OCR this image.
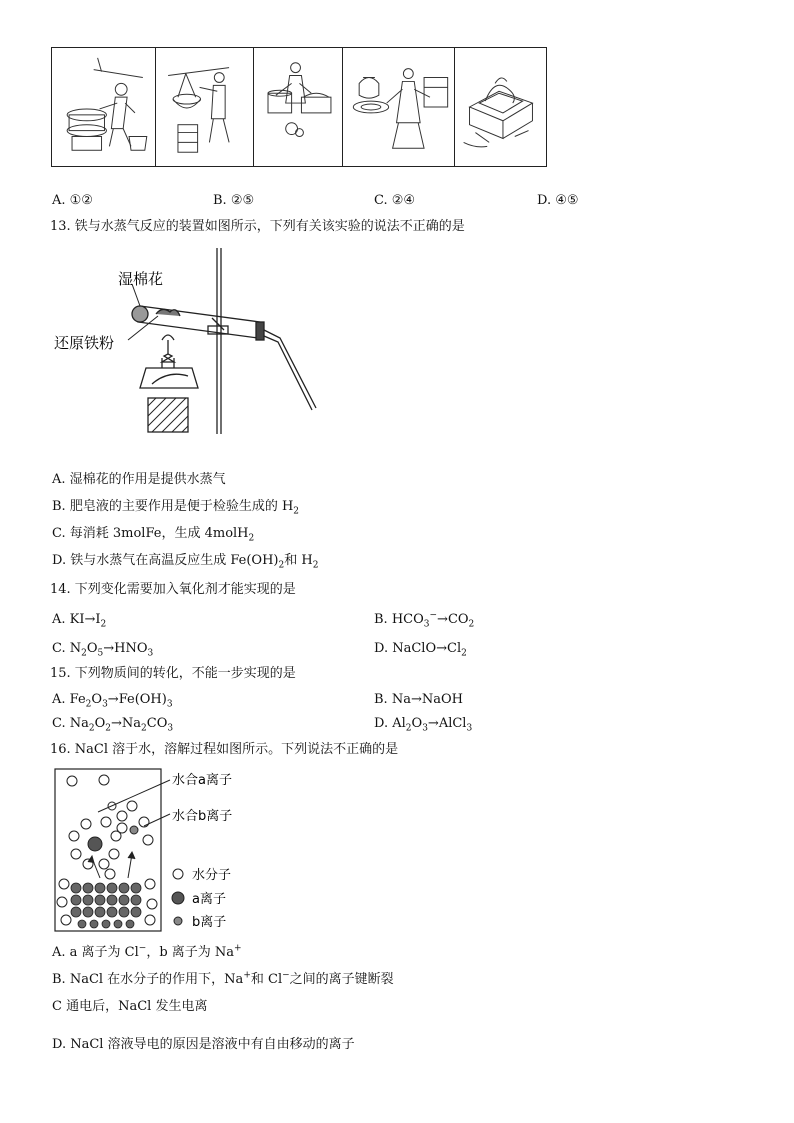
A. ①②	B. ②⑤	C. ②④	D. ④⑤
13. 铁与水蒸气反应的装置如图所示，下列有关该实验的说法不正确的是
湿棉花
还原铁粉
A. 湿棉花的作用是提供水蒸气
B. 肥皂液的主要作用是便于检验生成的 $H_2$
C. 每消耗 3molFe，生成 4molH$_2$
D. 铁与水蒸气在高温反应生成 $Fe(OH)_2$和 $H_2$
14. 下列变化需要加入氧化剂才能实现的是
A. $KI\to I_2$	B. $HCO_3^-\to CO_2$
C. $N_2O_5\to HNO_3$	D. $NaClO\to Cl_2$
15. 下列物质间的转化，不能一步实现的是
A. $Fe_2O_3\to Fe(OH)_3$	B. Na→NaOH
C. $Na_2O_2\to Na_2CO_3$	D. $Al_2O_3\to AlCl_3$
16. NaCl 溶于水，溶解过程如图所示。下列说法不正确的是
水合a离子
水合b离子
水分子
a离子
b离子
A. a 离子为 Cl−，b 离子为 Na+
B. NaCl 在水分子的作用下，Na+和 Cl−之间的离子键断裂
C 通电后，NaCl 发生电离
D. NaCl 溶液导电的原因是溶液中有自由移动的离子
